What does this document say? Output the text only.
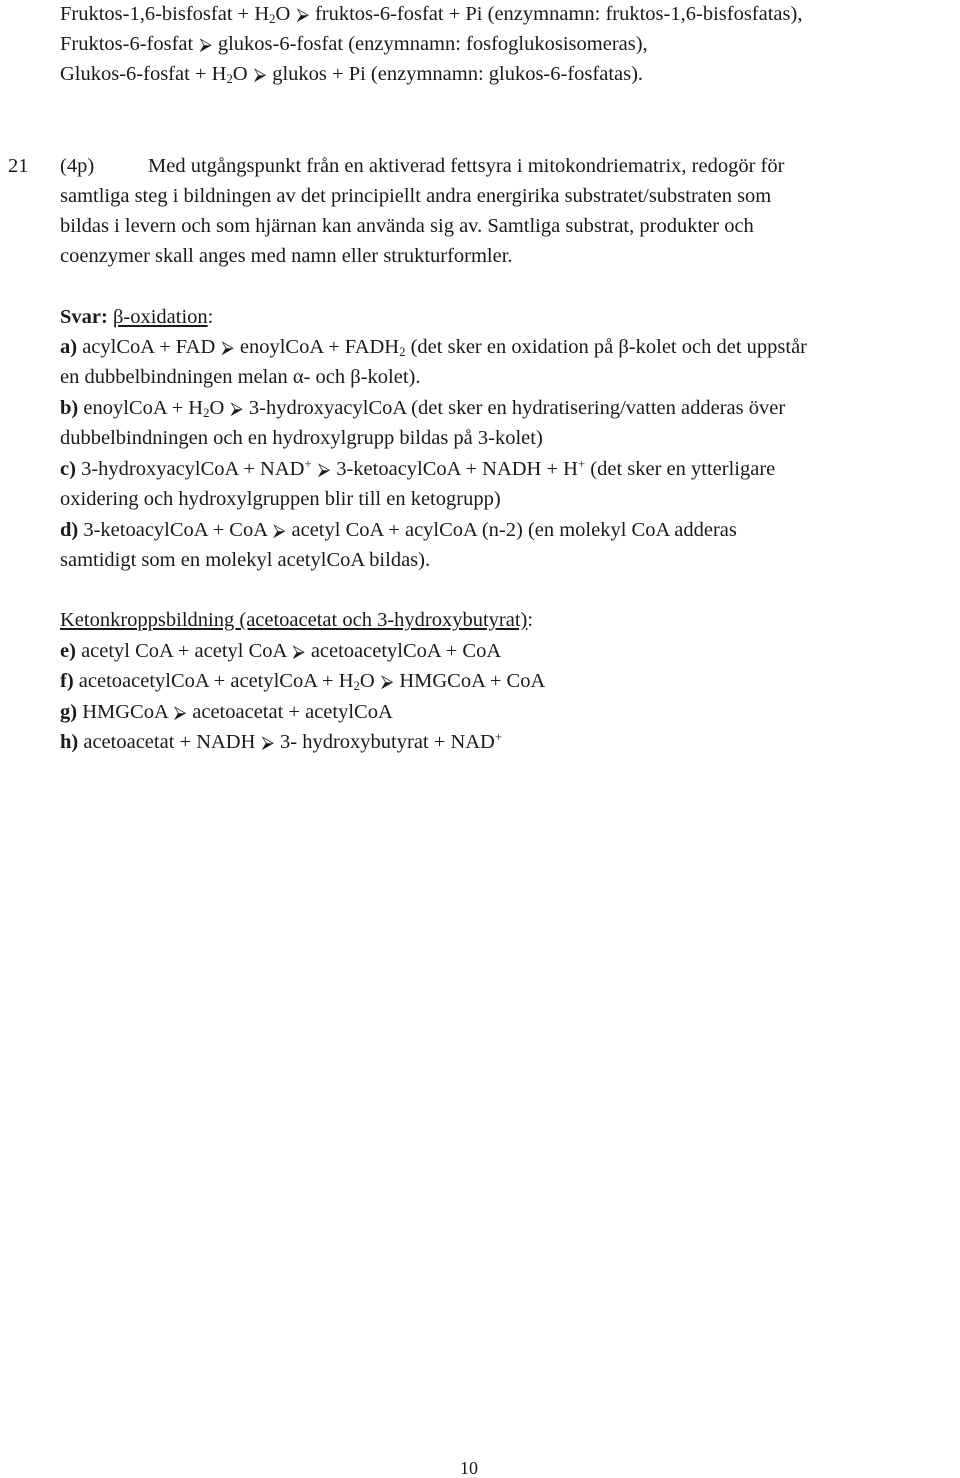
Fruktos-1,6-bisfosfat + $H_2O$ ⮚ fruktos-6-fosfat + Pi (enzymnamn: fruktos-1,6-bisfosfatas),
Fruktos-6-fosfat ⮚ glukos-6-fosfat (enzymnamn: fosfoglukosisomeras),
Glukos-6-fosfat + $H_2O$ ⮚ glukos + Pi (enzymnamn: glukos-6-fosfatas).
21 (4p)	Med utgångspunkt från en aktiverad fettsyra i mitokondriematrix, redogör för
samtliga steg i bildningen av det principiellt andra energirika substratet/substraten som
bildas i levern och som hjärnan kan använda sig av. Samtliga substrat, produkter och
coenzymer skall anges med namn eller strukturformler.
Svar: β-oxidation:
a) acylCoA + FAD ⮚ enoylCoA + $FADH_2$ (det sker en oxidation på β-kolet och det uppstår
en dubbelbindningen melan α- och β-kolet).
b) enoylCoA + $H_2O$ ⮚ 3-hydroxyacylCoA (det sker en hydratisering/vatten adderas över
dubbelbindningen och en hydroxylgrupp bildas på 3-kolet)
c) 3-hydroxyacylCoA + NAD+ ⮚ 3-ketoacylCoA + NADH + H+ (det sker en ytterligare
oxidering och hydroxylgruppen blir till en ketogrupp)
d) 3-ketoacylCoA + CoA ⮚ acetyl CoA + acylCoA (n-2) (en molekyl CoA adderas
samtidigt som en molekyl acetylCoA bildas).
Ketonkroppsbildning (acetoacetat och 3-hydroxybutyrat):
e) acetyl CoA + acetyl CoA ⮚ acetoacetylCoA + CoA
f) acetoacetylCoA + acetylCoA + $H_2O$ ⮚ HMGCoA + CoA
g) HMGCoA ⮚ acetoacetat + acetylCoA
h) acetoacetat + NADH ⮚ 3- hydroxybutyrat + NAD+
10
